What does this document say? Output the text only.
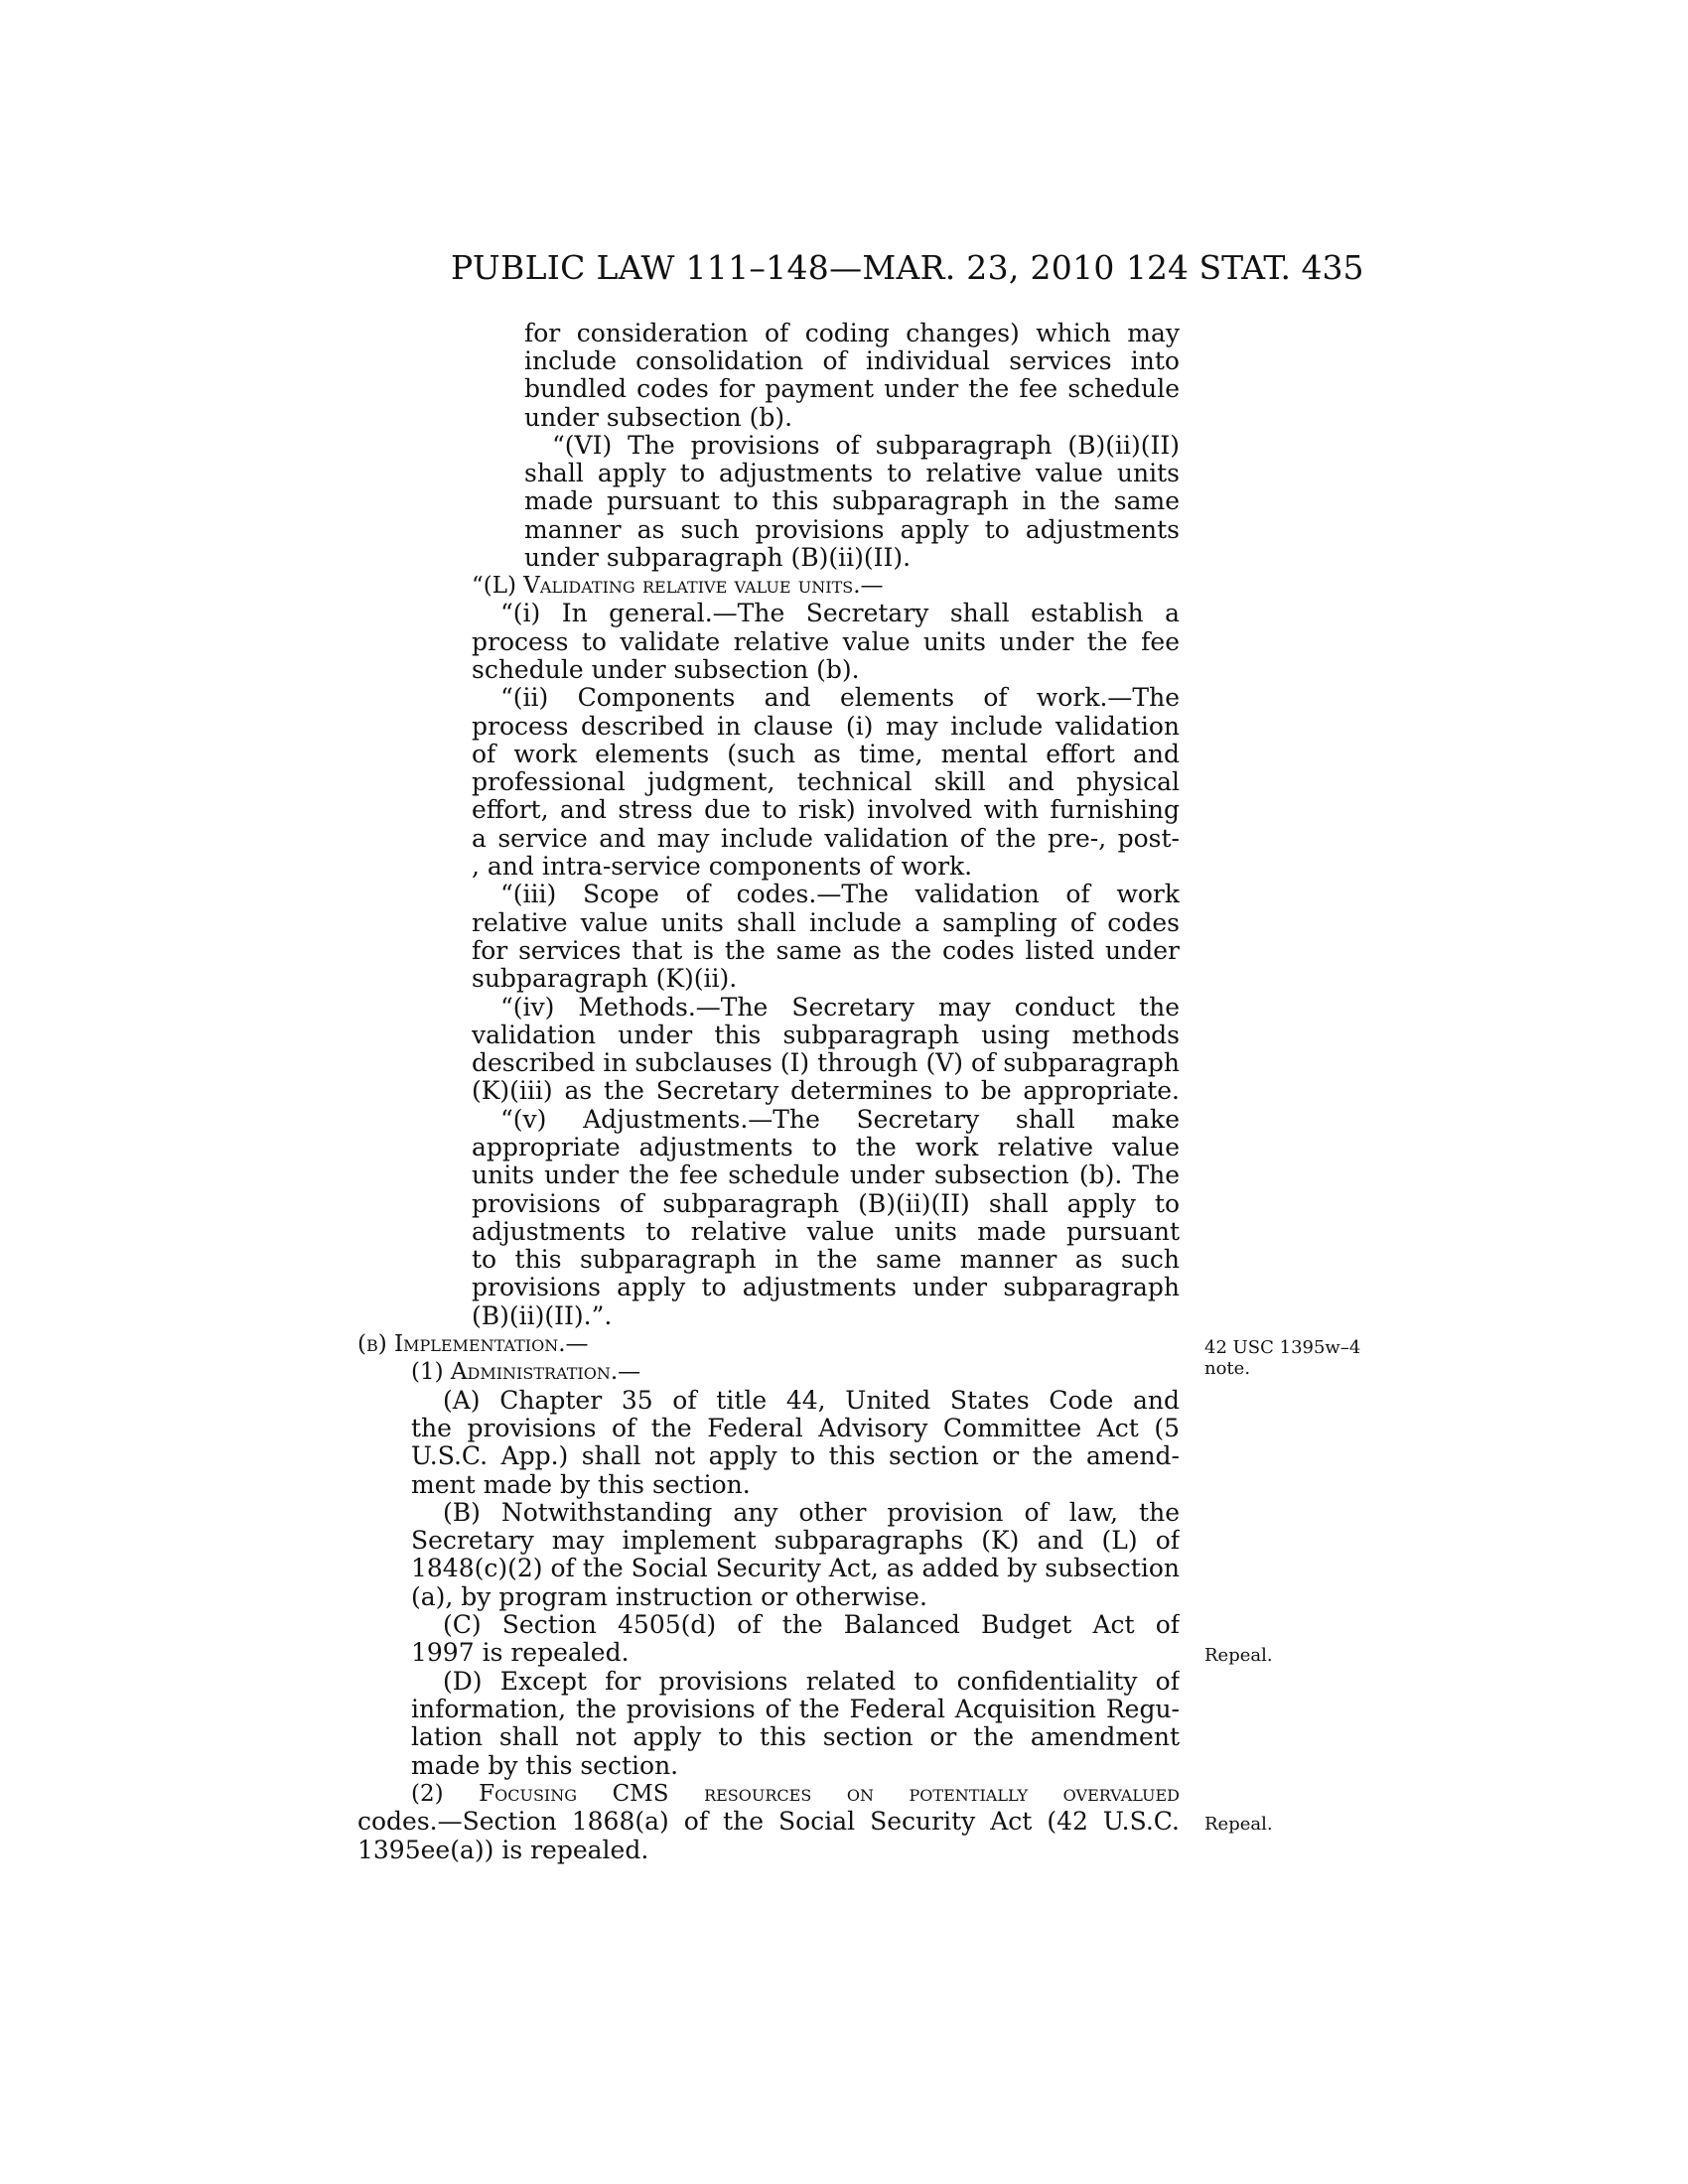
PUBLIC LAW 111–148—MAR. 23, 2010 124 STAT. 435
for consideration of coding changes) which may
include consolidation of individual services into
bundled codes for payment under the fee schedule
under subsection (b).
“(VI) The provisions of subparagraph (B)(ii)(II)
shall apply to adjustments to relative value units
made pursuant to this subparagraph in the same
manner as such provisions apply to adjustments
under subparagraph (B)(ii)(II).
“(L) Validating relative value units.—
“(i) In general.—The Secretary shall establish a
process to validate relative value units under the fee
schedule under subsection (b).
“(ii) Components and elements of work.—The
process described in clause (i) may include validation
of work elements (such as time, mental effort and
professional judgment, technical skill and physical
effort, and stress due to risk) involved with furnishing
a service and may include validation of the pre-, post-
, and intra-service components of work.
“(iii) Scope of codes.—The validation of work
relative value units shall include a sampling of codes
for services that is the same as the codes listed under
subparagraph (K)(ii).
“(iv) Methods.—The Secretary may conduct the
validation under this subparagraph using methods
described in subclauses (I) through (V) of subparagraph
(K)(iii) as the Secretary determines to be appropriate.
“(v) Adjustments.—The Secretary shall make
appropriate adjustments to the work relative value
units under the fee schedule under subsection (b). The
provisions of subparagraph (B)(ii)(II) shall apply to
adjustments to relative value units made pursuant
to this subparagraph in the same manner as such
provisions apply to adjustments under subparagraph
(B)(ii)(II).”.
(b) Implementation.—
(1) Administration.—
(A) Chapter 35 of title 44, United States Code and
the provisions of the Federal Advisory Committee Act (5
U.S.C. App.) shall not apply to this section or the amend-
ment made by this section.
(B) Notwithstanding any other provision of law, the
Secretary may implement subparagraphs (K) and (L) of
1848(c)(2) of the Social Security Act, as added by subsection
(a), by program instruction or otherwise.
(C) Section 4505(d) of the Balanced Budget Act of
1997 is repealed.
(D) Except for provisions related to confidentiality of
information, the provisions of the Federal Acquisition Regu-
lation shall not apply to this section or the amendment
made by this section.
(2) Focusing CMS resources on potentially overvalued
codes.—Section 1868(a) of the Social Security Act (42 U.S.C.
1395ee(a)) is repealed.
42 USC 1395w–4
note.
Repeal.
Repeal.
